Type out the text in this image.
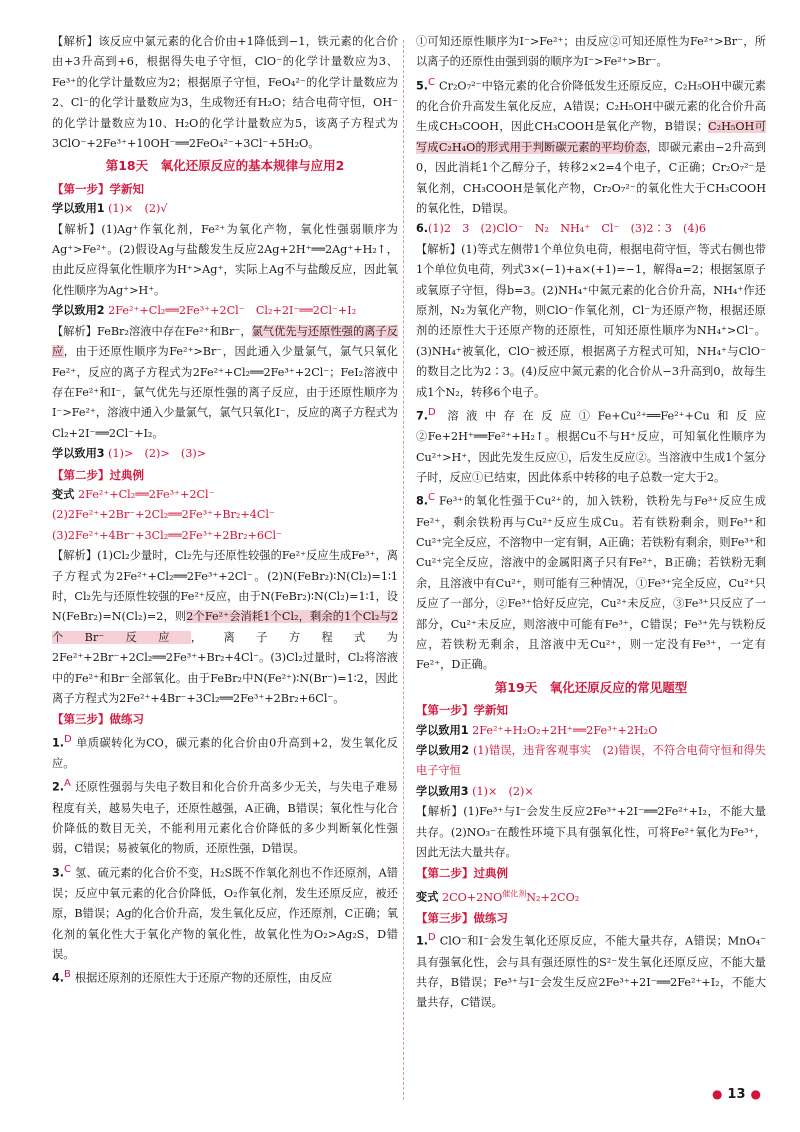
【解析】该反应中氯元素的化合价由+1降低到−1，铁元素的化合价由+3升高到+6，根据得失电子守恒，ClO⁻的化学计量数应为3、Fe³⁺的化学计量数应为2；根据原子守恒，FeO₄²⁻的化学计量数应为2、Cl⁻的化学计量数应为3，生成物还有H₂O；结合电荷守恒，OH⁻的化学计量数应为10、H₂O的化学计量数应为5，该离子方程式为3ClO⁻+2Fe³⁺+10OH⁻══2FeO₄²⁻+3Cl⁻+5H₂O。

第18天　氧化还原反应的基本规律与应用2
【第一步】学新知

学以致用1 (1)×　(2)√

【解析】(1)Ag⁺作氧化剂，Fe²⁺为氧化产物，氧化性强弱顺序为Ag⁺>Fe²⁺。(2)假设Ag与盐酸发生反应2Ag+2H⁺══2Ag⁺+H₂↑，由此反应得氧化性顺序为H⁺>Ag⁺，实际上Ag不与盐酸反应，因此氧化性顺序为Ag⁺>H⁺。

学以致用2 2Fe²⁺+Cl₂══2Fe³⁺+2Cl⁻　Cl₂+2I⁻══2Cl⁻+I₂

【解析】FeBr₂溶液中存在Fe²⁺和Br⁻，氯气优先与还原性强的离子反应，由于还原性顺序为Fe²⁺>Br⁻，因此通入少量氯气，氯气只氧化Fe²⁺，反应的离子方程式为2Fe²⁺+Cl₂══2Fe³⁺+2Cl⁻；FeI₂溶液中存在Fe²⁺和I⁻，氯气优先与还原性强的离子反应，由于还原性顺序为I⁻>Fe²⁺，溶液中通入少量氯气，氯气只氧化I⁻，反应的离子方程式为Cl₂+2I⁻══2Cl⁻+I₂。

学以致用3 (1)>　(2)>　(3)>

【第二步】过典例

变式 2Fe²⁺+Cl₂══2Fe³⁺+2Cl⁻

(2)2Fe²⁺+2Br⁻+2Cl₂══2Fe³⁺+Br₂+4Cl⁻

(3)2Fe²⁺+4Br⁻+3Cl₂══2Fe³⁺+2Br₂+6Cl⁻

【解析】(1)Cl₂少量时，Cl₂先与还原性较强的Fe²⁺反应生成Fe³⁺，离子方程式为2Fe²⁺+Cl₂══2Fe³⁺+2Cl⁻。(2)N(FeBr₂)∶N(Cl₂)=1∶1时，Cl₂先与还原性较强的Fe²⁺反应，由于N(FeBr₂)∶N(Cl₂)=1∶1，设N(FeBr₂)=N(Cl₂)=2，则2个Fe²⁺会消耗1个Cl₂，剩余的1个Cl₂与2个Br⁻反应，离子方程式为2Fe²⁺+2Br⁻+2Cl₂══2Fe³⁺+Br₂+4Cl⁻。(3)Cl₂过量时，Cl₂将溶液中的Fe²⁺和Br⁻全部氧化。由于FeBr₂中N(Fe²⁺)∶N(Br⁻)=1∶2，因此离子方程式为2Fe²⁺+4Br⁻+3Cl₂══2Fe³⁺+2Br₂+6Cl⁻。

【第三步】做练习

1.D 单质碳转化为CO，碳元素的化合价由0升高到+2，发生氧化反应。

2.A 还原性强弱与失电子数目和化合价升高多少无关，与失电子难易程度有关，越易失电子，还原性越强，A正确，B错误；氧化性与化合价降低的数目无关，不能利用元素化合价降低的多少判断氧化性强弱，C错误；易被氧化的物质，还原性强，D错误。

3.C 氢、硫元素的化合价不变，H₂S既不作氧化剂也不作还原剂，A错误；反应中氧元素的化合价降低，O₂作氧化剂，发生还原反应，被还原，B错误；Ag的化合价升高，发生氧化反应，作还原剂，C正确；氧化剂的氧化性大于氧化产物的氧化性，故氧化性为O₂>Ag₂S，D错误。

4.B 根据还原剂的还原性大于还原产物的还原性，由反应

①可知还原性顺序为I⁻>Fe²⁺；由反应②可知还原性为Fe²⁺>Br⁻，所以离子的还原性由强到弱的顺序为I⁻>Fe²⁺>Br⁻。

5.C Cr₂O₇²⁻中铬元素的化合价降低发生还原反应，C₂H₅OH中碳元素的化合价升高发生氧化反应，A错误；C₂H₅OH中碳元素的化合价升高生成CH₃COOH，因此CH₃COOH是氧化产物，B错误；C₂H₅OH可写成C₂H₄O的形式用于判断碳元素的平均价态，即碳元素由−2升高到0，因此消耗1个乙醇分子，转移2×2=4个电子，C正确；Cr₂O₇²⁻是氧化剂，CH₃COOH是氧化产物，Cr₂O₇²⁻的氧化性大于CH₃COOH的氧化性，D错误。

6.(1)2　3　(2)ClO⁻　N₂　NH₄⁺　Cl⁻　(3)2∶3　(4)6

【解析】(1)等式左侧带1个单位负电荷，根据电荷守恒，等式右侧也带1个单位负电荷，列式3×(−1)+a×(+1)=−1，解得a=2；根据氢原子或氧原子守恒，得b=3。(2)NH₄⁺中氮元素的化合价升高，NH₄⁺作还原剂，N₂为氧化产物，则ClO⁻作氧化剂，Cl⁻为还原产物，根据还原剂的还原性大于还原产物的还原性，可知还原性顺序为NH₄⁺>Cl⁻。(3)NH₄⁺被氧化，ClO⁻被还原，根据离子方程式可知，NH₄⁺与ClO⁻的数目之比为2∶3。(4)反应中氮元素的化合价从−3升高到0，故每生成1个N₂，转移6个电子。

7.D 溶液中存在反应①Fe+Cu²⁺══Fe²⁺+Cu和反应②Fe+2H⁺══Fe²⁺+H₂↑。根据Cu不与H⁺反应，可知氧化性顺序为Cu²⁺>H⁺，因此先发生反应①，后发生反应②。当溶液中生成1个氢分子时，反应①已结束，因此体系中转移的电子总数一定大于2。

8.C Fe³⁺的氧化性强于Cu²⁺的，加入铁粉，铁粉先与Fe³⁺反应生成Fe²⁺，剩余铁粉再与Cu²⁺反应生成Cu。若有铁粉剩余，则Fe³⁺和Cu²⁺完全反应，不溶物中一定有铜，A正确；若铁粉有剩余，则Fe³⁺和Cu²⁺完全反应，溶液中的金属阳离子只有Fe²⁺，B正确；若铁粉无剩余，且溶液中有Cu²⁺，则可能有三种情况，①Fe³⁺完全反应，Cu²⁺只反应了一部分，②Fe³⁺恰好反应完，Cu²⁺未反应，③Fe³⁺只反应了一部分，Cu²⁺未反应，则溶液中可能有Fe³⁺，C错误；Fe³⁺先与铁粉反应，若铁粉无剩余，且溶液中无Cu²⁺，则一定没有Fe³⁺，一定有Fe²⁺，D正确。

第19天　氧化还原反应的常见题型
【第一步】学新知

学以致用1 2Fe²⁺+H₂O₂+2H⁺══2Fe³⁺+2H₂O

学以致用2 (1)错误，违背客观事实　(2)错误，不符合电荷守恒和得失电子守恒

学以致用3 (1)×　(2)×

【解析】(1)Fe³⁺与I⁻会发生反应2Fe³⁺+2I⁻══2Fe²⁺+I₂，不能大量共存。(2)NO₃⁻在酸性环境下具有强氧化性，可将Fe²⁺氧化为Fe³⁺，因此无法大量共存。

【第二步】过典例

变式 $2CO+2NO^{催化剂}N_2+2CO_2$

【第三步】做练习

1.D ClO⁻和I⁻会发生氧化还原反应，不能大量共存，A错误；MnO₄⁻具有强氧化性，会与具有强还原性的S²⁻发生氧化还原反应，不能大量共存，B错误；Fe³⁺与I⁻会发生反应2Fe³⁺+2I⁻══2Fe²⁺+I₂，不能大量共存，C错误。

● 13 ●
